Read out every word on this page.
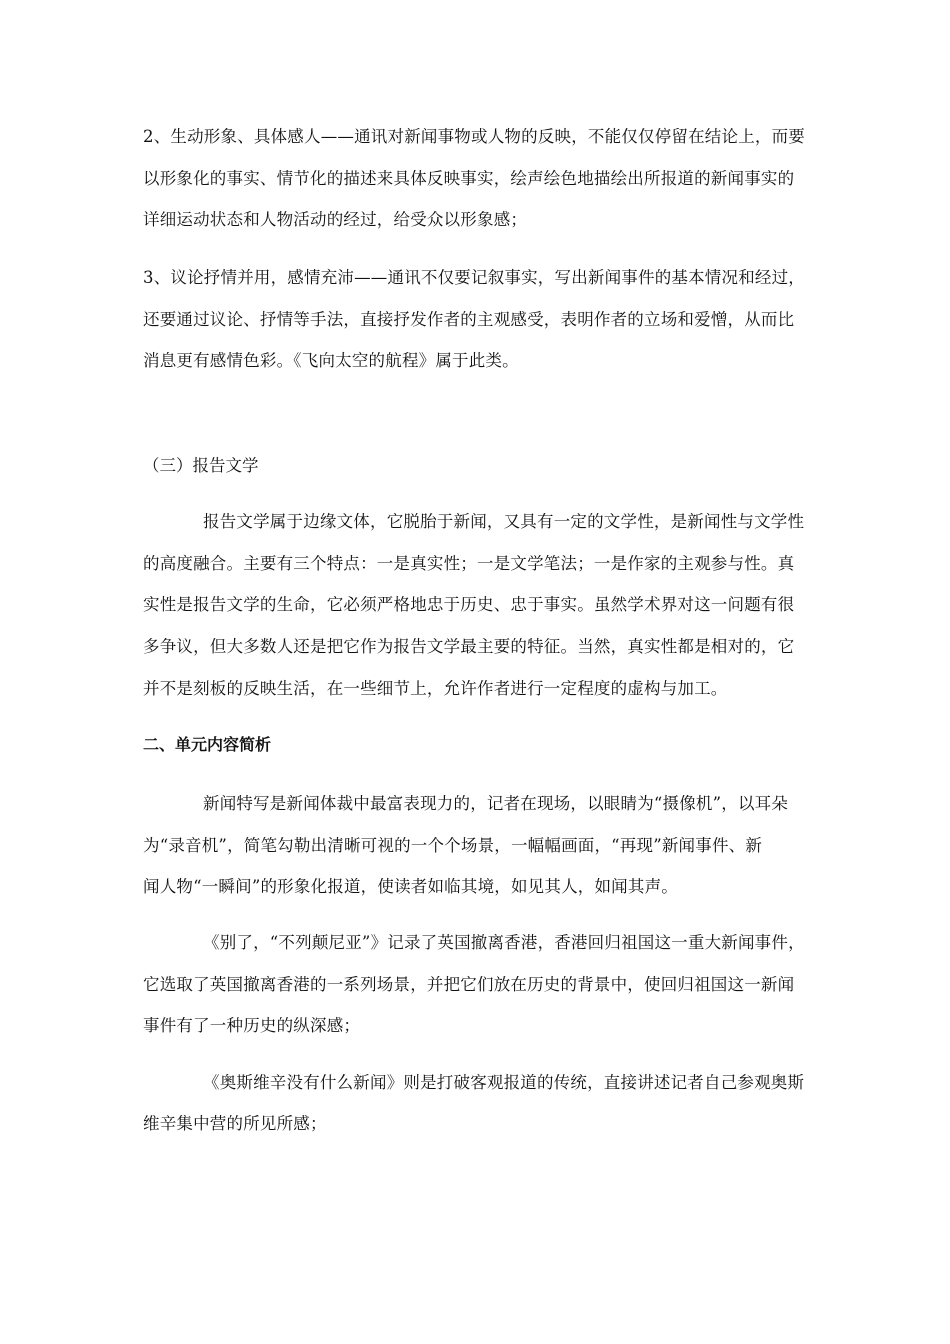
2、生动形象、具体感人——通讯对新闻事物或人物的反映，不能仅仅停留在结论上，而要
以形象化的事实、情节化的描述来具体反映事实，绘声绘色地描绘出所报道的新闻事实的
详细运动状态和人物活动的经过，给受众以形象感；
3、议论抒情并用，感情充沛——通讯不仅要记叙事实，写出新闻事件的基本情况和经过，
还要通过议论、抒情等手法，直接抒发作者的主观感受，表明作者的立场和爱憎，从而比
消息更有感情色彩。《飞向太空的航程》属于此类。
（三）报告文学
报告文学属于边缘文体，它脱胎于新闻，又具有一定的文学性，是新闻性与文学性
的高度融合。主要有三个特点：一是真实性；一是文学笔法；一是作家的主观参与性。真
实性是报告文学的生命，它必须严格地忠于历史、忠于事实。虽然学术界对这一问题有很
多争议，但大多数人还是把它作为报告文学最主要的特征。当然，真实性都是相对的，它
并不是刻板的反映生活，在一些细节上，允许作者进行一定程度的虚构与加工。
二、单元内容简析
新闻特写是新闻体裁中最富表现力的，记者在现场，以眼睛为“摄像机”，以耳朵
为“录音机”，简笔勾勒出清晰可视的一个个场景，一幅幅画面，“再现”新闻事件、新
闻人物“一瞬间”的形象化报道，使读者如临其境，如见其人，如闻其声。
《别了，“不列颠尼亚”》记录了英国撤离香港，香港回归祖国这一重大新闻事件，
它选取了英国撤离香港的一系列场景，并把它们放在历史的背景中，使回归祖国这一新闻
事件有了一种历史的纵深感；
《奥斯维辛没有什么新闻》则是打破客观报道的传统，直接讲述记者自己参观奥斯
维辛集中营的所见所感；
